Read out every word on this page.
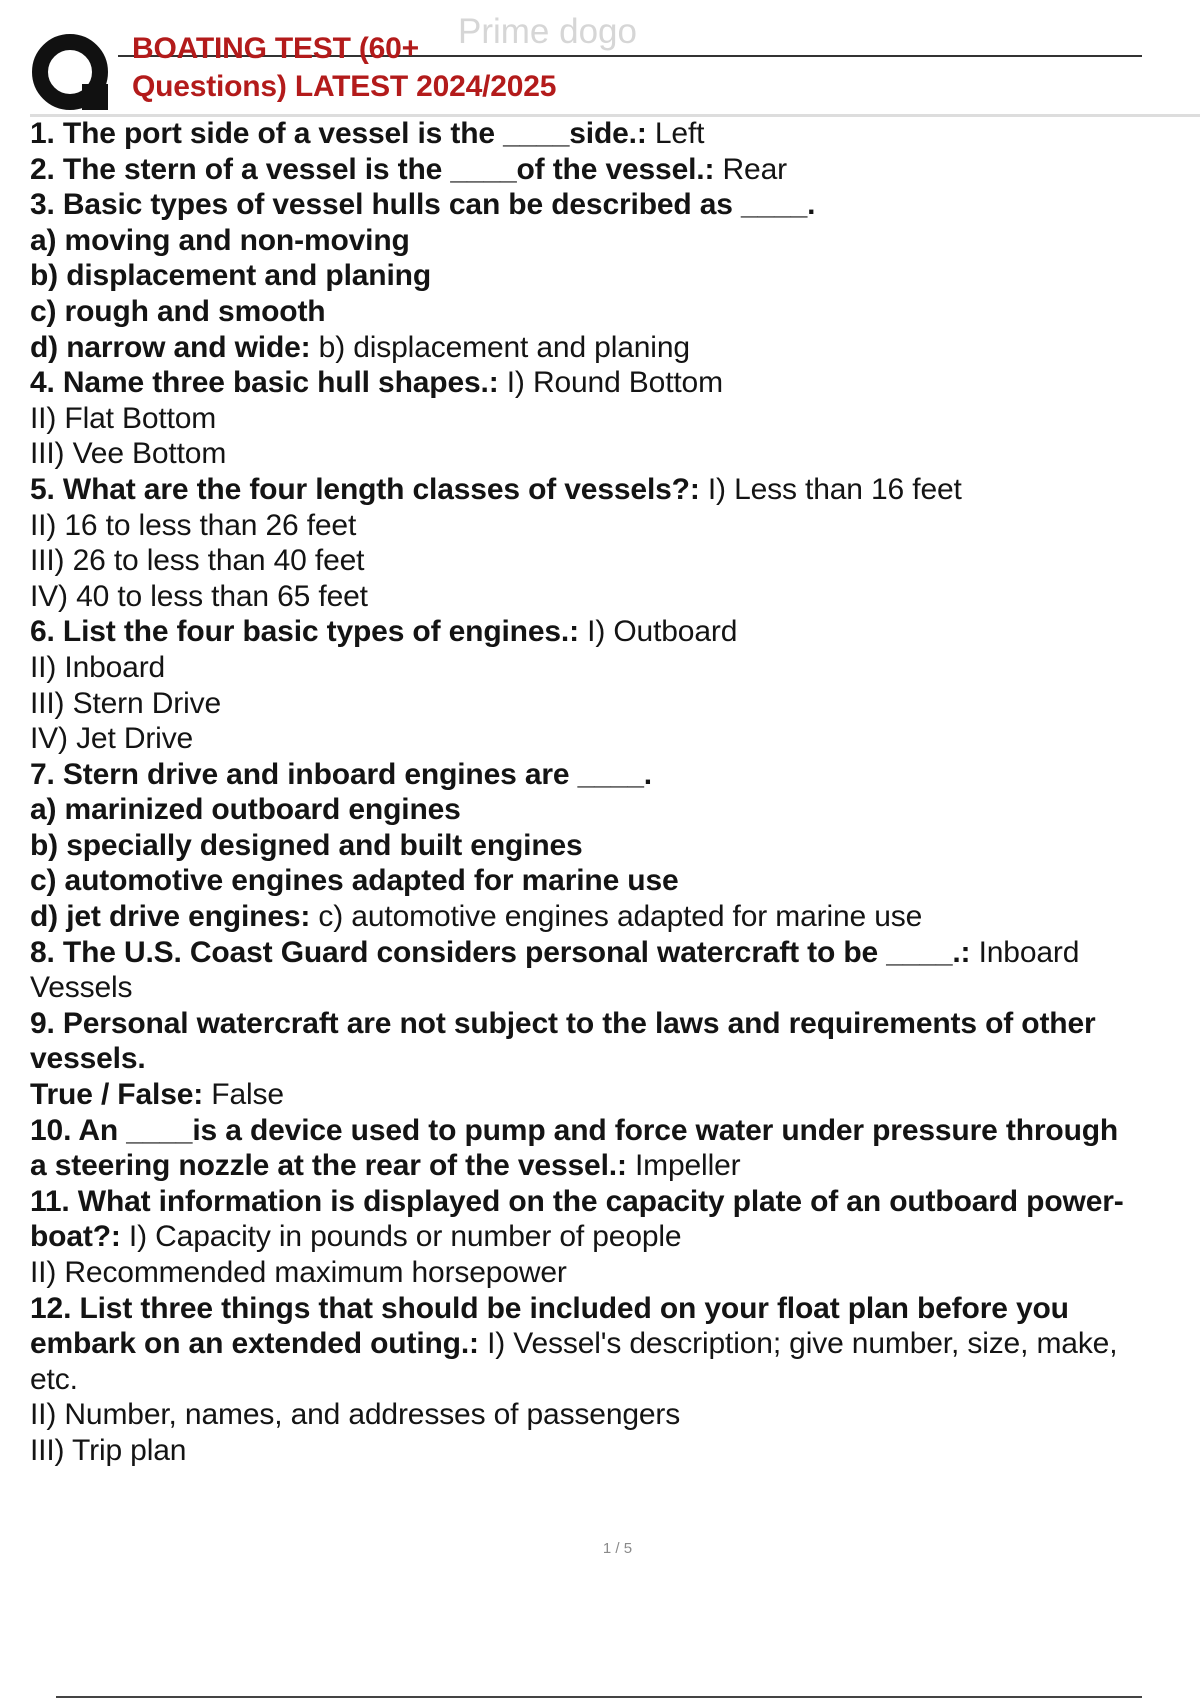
Prime dogo
BOATING TEST (60+
Questions) LATEST 2024/2025
1. The port side of a vessel is the ____side.: Left
2. The stern of a vessel is the ____of the vessel.: Rear
3. Basic types of vessel hulls can be described as ____.
a) moving and non-moving
b) displacement and planing
c) rough and smooth
d) narrow and wide: b) displacement and planing
4. Name three basic hull shapes.: I) Round Bottom
II) Flat Bottom
III) Vee Bottom
5. What are the four length classes of vessels?: I) Less than 16 feet
II) 16 to less than 26 feet
III) 26 to less than 40 feet
IV) 40 to less than 65 feet
6. List the four basic types of engines.: I) Outboard
II) Inboard
III) Stern Drive
IV) Jet Drive
7. Stern drive and inboard engines are ____.
a) marinized outboard engines
b) specially designed and built engines
c) automotive engines adapted for marine use
d) jet drive engines: c) automotive engines adapted for marine use
8. The U.S. Coast Guard considers personal watercraft to be ____.: Inboard
Vessels
9. Personal watercraft are not subject to the laws and requirements of other
vessels.
True / False: False
10. An ____is a device used to pump and force water under pressure through
a steering nozzle at the rear of the vessel.: Impeller
11. What information is displayed on the capacity plate of an outboard power-
boat?: I) Capacity in pounds or number of people
II) Recommended maximum horsepower
12. List three things that should be included on your float plan before you
embark on an extended outing.: I) Vessel's description; give number, size, make,
etc.
II) Number, names, and addresses of passengers
III) Trip plan
1 / 5
